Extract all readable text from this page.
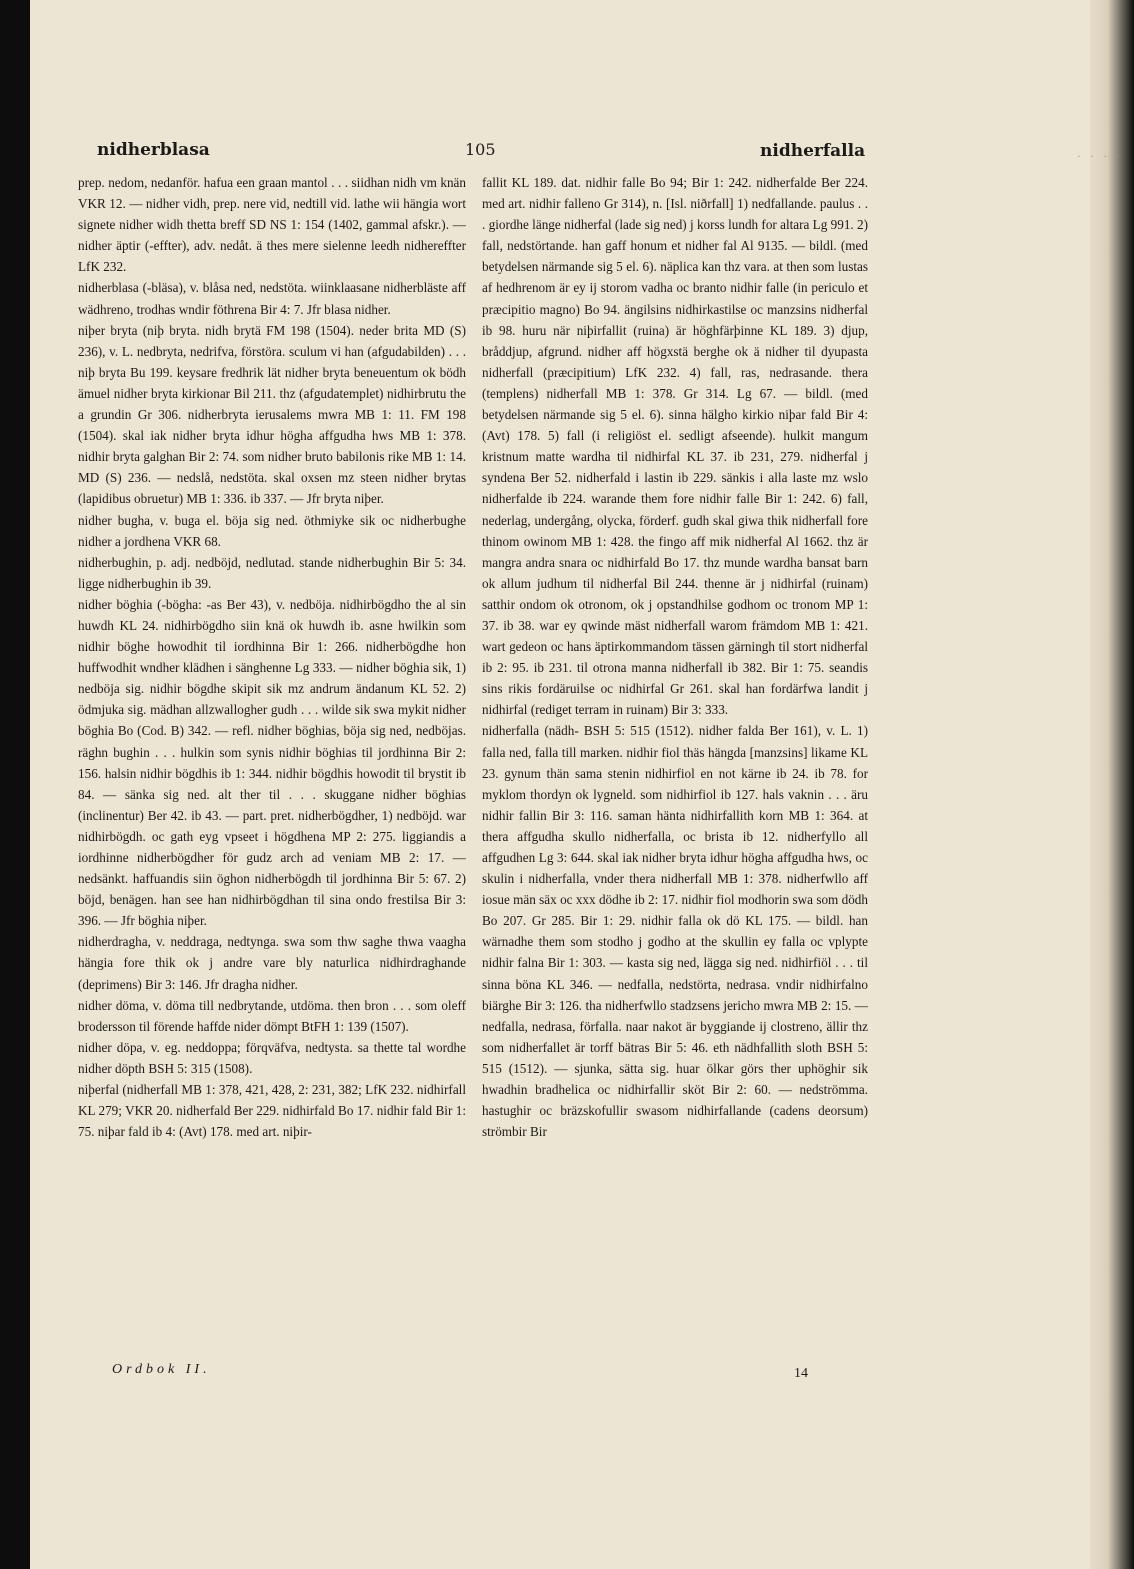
····
nidherblasa	105	nidherfalla

prep. nedom, nedanför. hafua een graan mantol . . . siidhan nidh vm knän VKR 12. — nidher vidh, prep. nere vid, nedtill vid. lathe wii hängia wort signete nidher widh thetta breff SD NS 1: 154 (1402, gammal afskr.). — nidher äptir (-effter), adv. nedåt. ä thes mere sielenne leedh nidhereffter LfK 232.

nidherblasa (-bläsa), v. blåsa ned, nedstöta. wiinklaasane nidherbläste aff wädhreno, trodhas wndir föthrena Bir 4: 7. Jfr blasa nidher.

niþer bryta (niþ bryta. nidh brytä FM 198 (1504). neder brita MD (S) 236), v. L. nedbryta, nedrifva, förstöra. sculum vi han (afgudabilden) . . . niþ bryta Bu 199. keysare fredhrik lät nidher bryta beneuentum ok bödh ämuel nidher bryta kirkionar Bil 211. thz (afgudatemplet) nidhirbrutu the a grundin Gr 306. nidherbryta ierusalems mwra MB 1: 11. FM 198 (1504). skal iak nidher bryta idhur högha affgudha hws MB 1: 378. nidhir bryta galghan Bir 2: 74. som nidher bruto babilonis rike MB 1: 14. MD (S) 236. — nedslå, nedstöta. skal oxsen mz steen nidher brytas (lapidibus obruetur) MB 1: 336. ib 337. — Jfr bryta niþer.

nidher bugha, v. buga el. böja sig ned. öthmiyke sik oc nidherbughe nidher a jordhena VKR 68.

nidherbughin, p. adj. nedböjd, nedlutad. stande nidherbughin Bir 5: 34. ligge nidherbughin ib 39.

nidher böghia (-bögha: -as Ber 43), v. nedböja. nidhirbögdho the al sin huwdh KL 24. nidhirbögdho siin knä ok huwdh ib. asne hwilkin som nidhir böghe howodhit til iordhinna Bir 1: 266. nidherbögdhe hon huffwodhit wndher klädhen i sänghenne Lg 333. — nidher böghia sik, 1) nedböja sig. nidhir bögdhe skipit sik mz andrum ändanum KL 52. 2) ödmjuka sig. mädhan allzwallogher gudh . . . wilde sik swa mykit nidher böghia Bo (Cod. B) 342. — refl. nidher böghias, böja sig ned, nedböjas. räghn bughin . . . hulkin som synis nidhir böghias til jordhinna Bir 2: 156. halsin nidhir bögdhis ib 1: 344. nidhir bögdhis howodit til brystit ib 84. — sänka sig ned. alt ther til . . . skuggane nidher böghias (inclinentur) Ber 42. ib 43. — part. pret. nidherbögdher, 1) nedböjd. war nidhirbögdh. oc gath eyg vpseet i högdhena MP 2: 275. liggiandis a iordhinne nidherbögdher för gudz arch ad veniam MB 2: 17. — nedsänkt. haffuandis siin öghon nidherbögdh til jordhinna Bir 5: 67. 2) böjd, benägen. han see han nidhirbögdhan til sina ondo frestilsa Bir 3: 396. — Jfr böghia niþer.

nidherdragha, v. neddraga, nedtynga. swa som thw saghe thwa vaagha hängia fore thik ok j andre vare bly naturlica nidhirdraghande (deprimens) Bir 3: 146. Jfr dragha nidher.

nidher döma, v. döma till nedbrytande, utdöma. then bron . . . som oleff brodersson til förende haffde nider dömpt BtFH 1: 139 (1507).

nidher döpa, v. eg. neddoppa; förqväfva, nedtysta. sa thette tal wordhe nidher döpth BSH 5: 315 (1508).

niþerfal (nidherfall MB 1: 378, 421, 428, 2: 231, 382; LfK 232. nidhirfall KL 279; VKR 20. nidherfald Ber 229. nidhirfald Bo 17. nidhir fald Bir 1: 75. niþar fald ib 4: (Avt) 178. med art. niþir-

fallit KL 189. dat. nidhir falle Bo 94; Bir 1: 242. nidherfalde Ber 224. med art. nidhir falleno Gr 314), n. [Isl. niðrfall] 1) nedfallande. paulus . . . giordhe länge nidherfal (lade sig ned) j korss lundh for altara Lg 991. 2) fall, nedstörtande. han gaff honum et nidher fal Al 9135. — bildl. (med betydelsen närmande sig 5 el. 6). näplica kan thz vara. at then som lustas af hedhrenom är ey ij storom vadha oc branto nidhir falle (in periculo et præcipitio magno) Bo 94. ängilsins nidhirkastilse oc manzsins nidherfal ib 98. huru när niþirfallit (ruina) är höghfärþinne KL 189. 3) djup, bråddjup, afgrund. nidher aff högxstä berghe ok ä nidher til dyupasta nidherfall (præcipitium) LfK 232. 4) fall, ras, nedrasande. thera (templens) nidherfall MB 1: 378. Gr 314. Lg 67. — bildl. (med betydelsen närmande sig 5 el. 6). sinna hälgho kirkio niþar fald Bir 4: (Avt) 178. 5) fall (i religiöst el. sedligt afseende). hulkit mangum kristnum matte wardha til nidhirfal KL 37. ib 231, 279. nidherfal j syndena Ber 52. nidherfald i lastin ib 229. sänkis i alla laste mz wslo nidherfalde ib 224. warande them fore nidhir falle Bir 1: 242. 6) fall, nederlag, undergång, olycka, förderf. gudh skal giwa thik nidherfall fore thinom owinom MB 1: 428. the fingo aff mik nidherfal Al 1662. thz är mangra andra snara oc nidhirfald Bo 17. thz munde wardha bansat barn ok allum judhum til nidherfal Bil 244. thenne är j nidhirfal (ruinam) satthir ondom ok otronom, ok j opstandhilse godhom oc tronom MP 1: 37. ib 38. war ey qwinde mäst nidherfall warom främdom MB 1: 421. wart gedeon oc hans äptirkommandom tässen gärningh til stort nidherfal ib 2: 95. ib 231. til otrona manna nidherfall ib 382. Bir 1: 75. seandis sins rikis fordäruilse oc nidhirfal Gr 261. skal han fordärfwa landit j nidhirfal (rediget terram in ruinam) Bir 3: 333.

nidherfalla (nädh- BSH 5: 515 (1512). nidher falda Ber 161), v. L. 1) falla ned, falla till marken. nidhir fiol thäs hängda [manzsins] likame KL 23. gynum thän sama stenin nidhirfiol en not kärne ib 24. ib 78. for myklom thordyn ok lygneld. som nidhirfiol ib 127. hals vaknin . . . äru nidhir fallin Bir 3: 116. saman hänta nidhirfallith korn MB 1: 364. at thera affgudha skullo nidherfalla, oc brista ib 12. nidherfyllo all affgudhen Lg 3: 644. skal iak nidher bryta idhur högha affgudha hws, oc skulin i nidherfalla, vnder thera nidherfall MB 1: 378. nidherfwllo aff iosue män säx oc xxx dödhe ib 2: 17. nidhir fiol modhorin swa som dödh Bo 207. Gr 285. Bir 1: 29. nidhir falla ok dö KL 175. — bildl. han wärnadhe them som stodho j godho at the skullin ey falla oc vplypte nidhir falna Bir 1: 303. — kasta sig ned, lägga sig ned. nidhirfiöl . . . til sinna böna KL 346. — nedfalla, nedstörta, nedrasa. vndir nidhirfalno biärghe Bir 3: 126. tha nidherfwllo stadzsens jericho mwra MB 2: 15. — nedfalla, nedrasa, förfalla. naar nakot är byggiande ij clostreno, ällir thz som nidherfallet är torff bätras Bir 5: 46. eth nädhfallith sloth BSH 5: 515 (1512). — sjunka, sätta sig. huar ölkar görs ther uphöghir sik hwadhin bradhelica oc nidhirfallir sköt Bir 2: 60. — nedströmma. hastughir oc bräzskofullir swasom nidhirfallande (cadens deorsum) strömbir Bir

Ordbok II.	14
